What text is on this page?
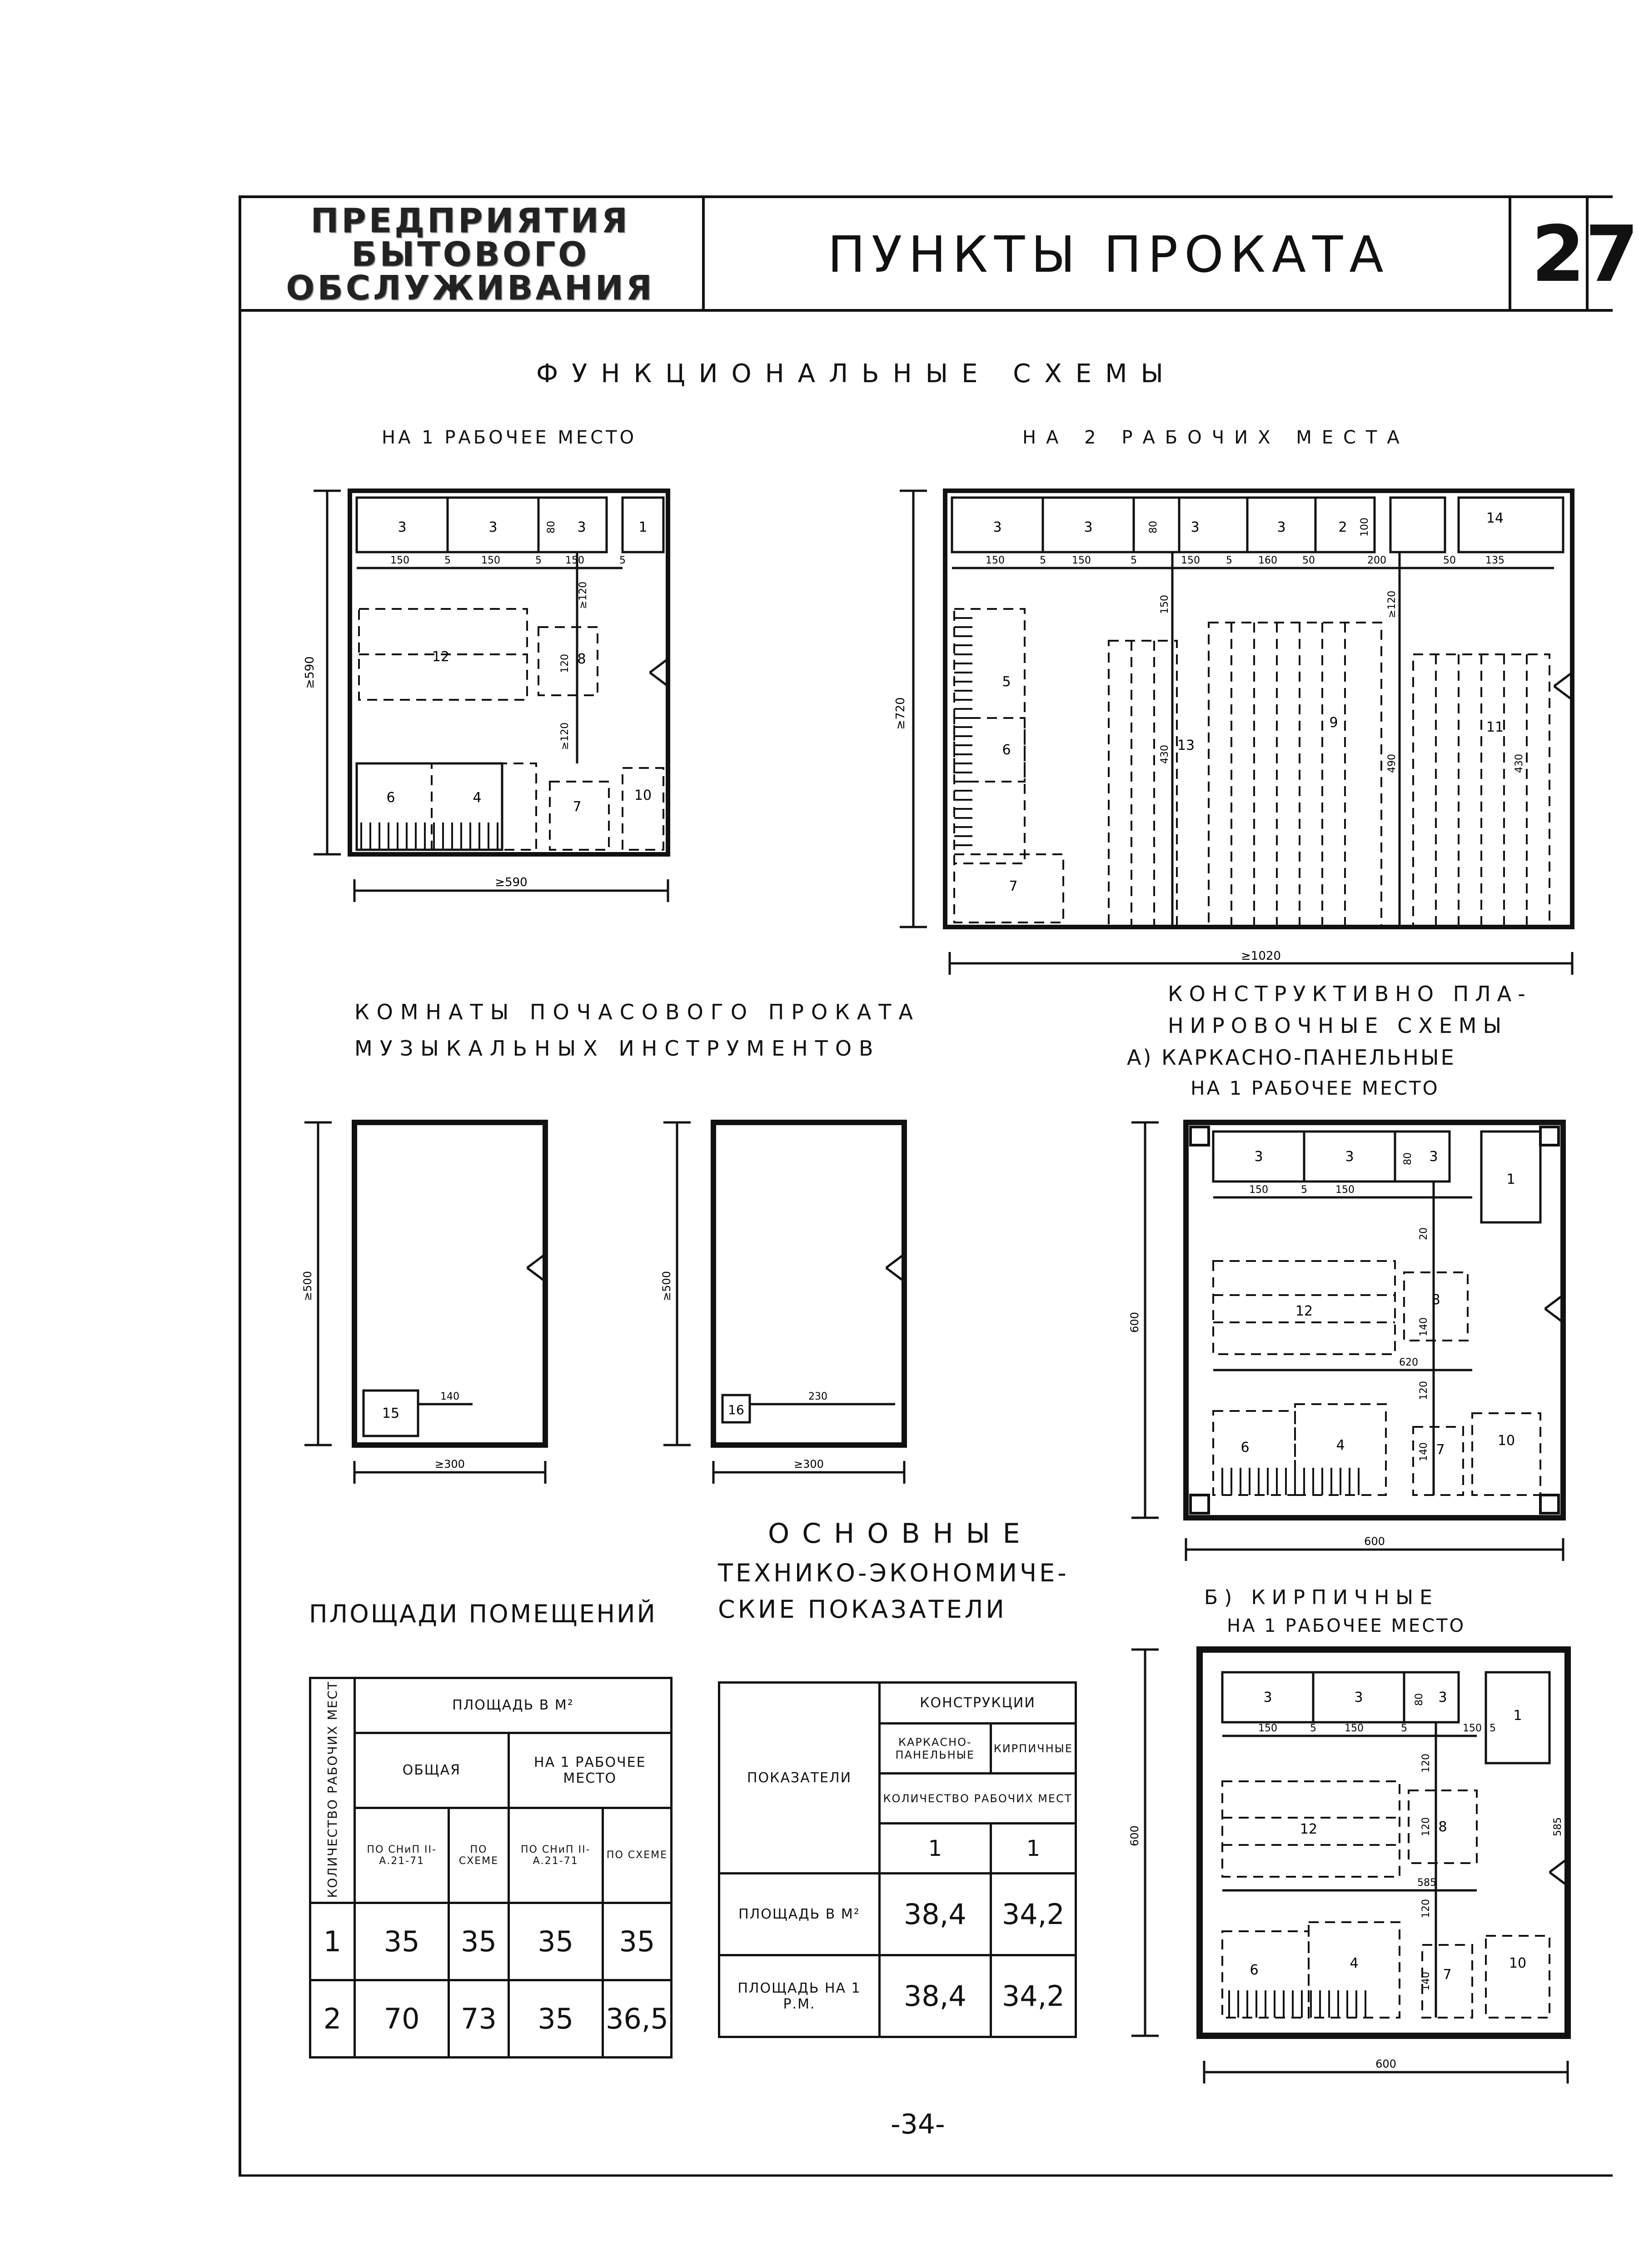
ПРЕДПРИЯТИЯ
БЫТОВОГО
ОБСЛУЖИВАНИЯ
ПУНКТЫ ПРОКАТА	27
ФУНКЦИОНАЛЬНЫЕ СХЕМЫ
НА 1 РАБОЧЕЕ МЕСТО	НА 2 РАБОЧИХ МЕСТА
3	3	3	1
12	8
6	4
7
10
150	5	150	5 150	5
80
≥120
120
≥120
≥590
≥590
3	3	3	3	2
14
5
6
7
13
9	11
150	5	150	5	150	5	160	50	200	50	135
80	100
150	≥120
430	490	430
≥720
≥1020
КОМНАТЫ ПОЧАСОВОГО ПРОКАТА
МУЗЫКАЛЬНЫХ ИНСТРУМЕНТОВ
15
140
≥500
≥300
16
230
≥500
≥300
КОНСТРУКТИВНО ПЛА-
НИРОВОЧНЫЕ СХЕМЫ
А) КАРКАСНО-ПАНЕЛЬНЫЕ
НА 1 РАБОЧЕЕ МЕСТО
3	3	3
1
12
8
6	4	7
10
150	5	150
80
20
140
620
120
140
600
600
Б) КИРПИЧНЫЕ
НА 1 РАБОЧЕЕ МЕСТО
3	3	3
1
12	8
6	4
7
10
150	5	150	5	150 5
80
120
120
585
585
120
140
600
600
ОСНОВНЫЕ
ТЕХНИКО-ЭКОНОМИЧЕ-
СКИЕ ПОКАЗАТЕЛИ
ПЛОЩАДИ ПОМЕЩЕНИЙ
КОЛИЧЕСТВО РАБОЧИХ МЕСТ	ПЛОЩАДЬ В М²			
	ОБЩАЯ		НА 1 РАБОЧЕЕ МЕСТО	
	ПО СНиП II-А.21-71	ПО СХЕМЕ	ПО СНиП II-А.21-71	ПО СХЕМЕ
1	35	35	35	35
2	70	73	35	36,5
ПОКАЗАТЕЛИ	КОНСТРУКЦИИ	
	КАРКАСНО-ПАНЕЛЬНЫЕ	КИРПИЧНЫЕ
	КОЛИЧЕСТВО РАБОЧИХ МЕСТ	
	1	1
ПЛОЩАДЬ В М²	38,4	34,2
ПЛОЩАДЬ НА 1 Р.М.	38,4	34,2
-34-
